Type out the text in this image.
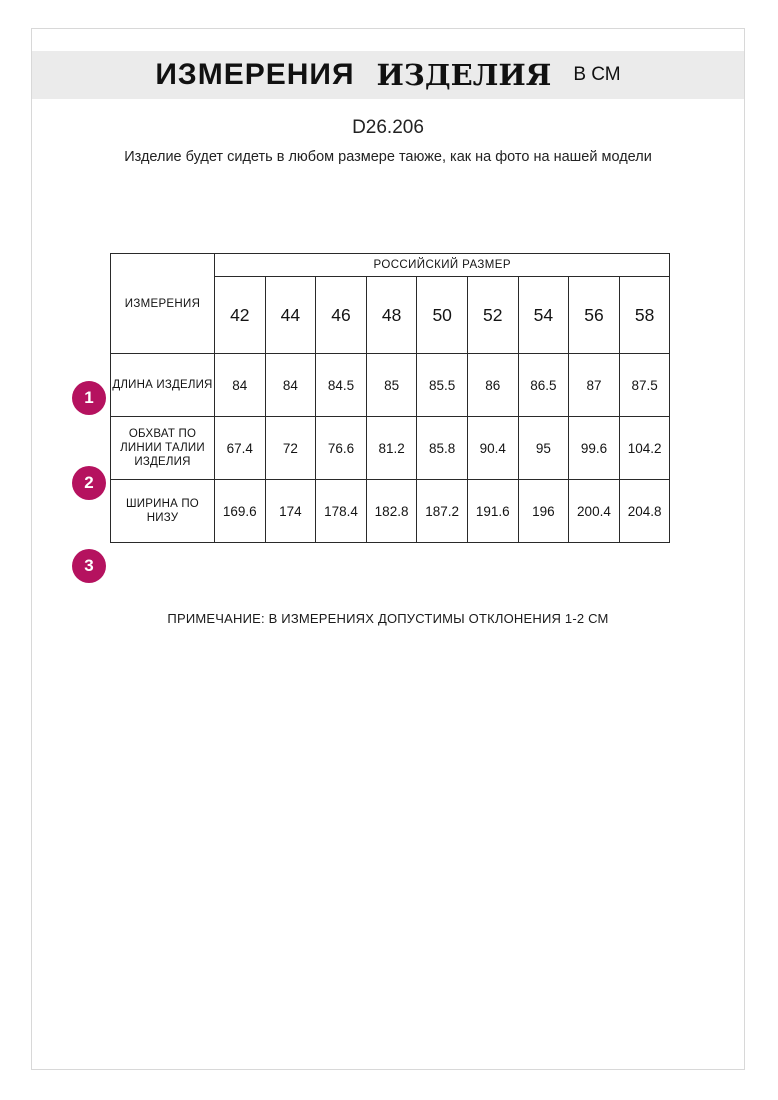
ИЗМЕРЕНИЯ ИЗДЕЛИЯ В СМ
D26.206
Изделие будет сидеть в любом размере таюже, как на фото на нашей модели
1
2
3
ИЗМЕРЕНИЯ	РОССИЙСКИЙ РАЗМЕР								
	42	44	46	48	50	52	54	56	58
ДЛИНА ИЗДЕЛИЯ	84	84	84.5	85	85.5	86	86.5	87	87.5
ОБХВАТ ПО ЛИНИИ ТАЛИИ ИЗДЕЛИЯ	67.4	72	76.6	81.2	85.8	90.4	95	99.6	104.2
ШИРИНА ПО НИЗУ	169.6	174	178.4	182.8	187.2	191.6	196	200.4	204.8
ПРИМЕЧАНИЕ: В ИЗМЕРЕНИЯХ ДОПУСТИМЫ ОТКЛОНЕНИЯ 1-2 СМ
